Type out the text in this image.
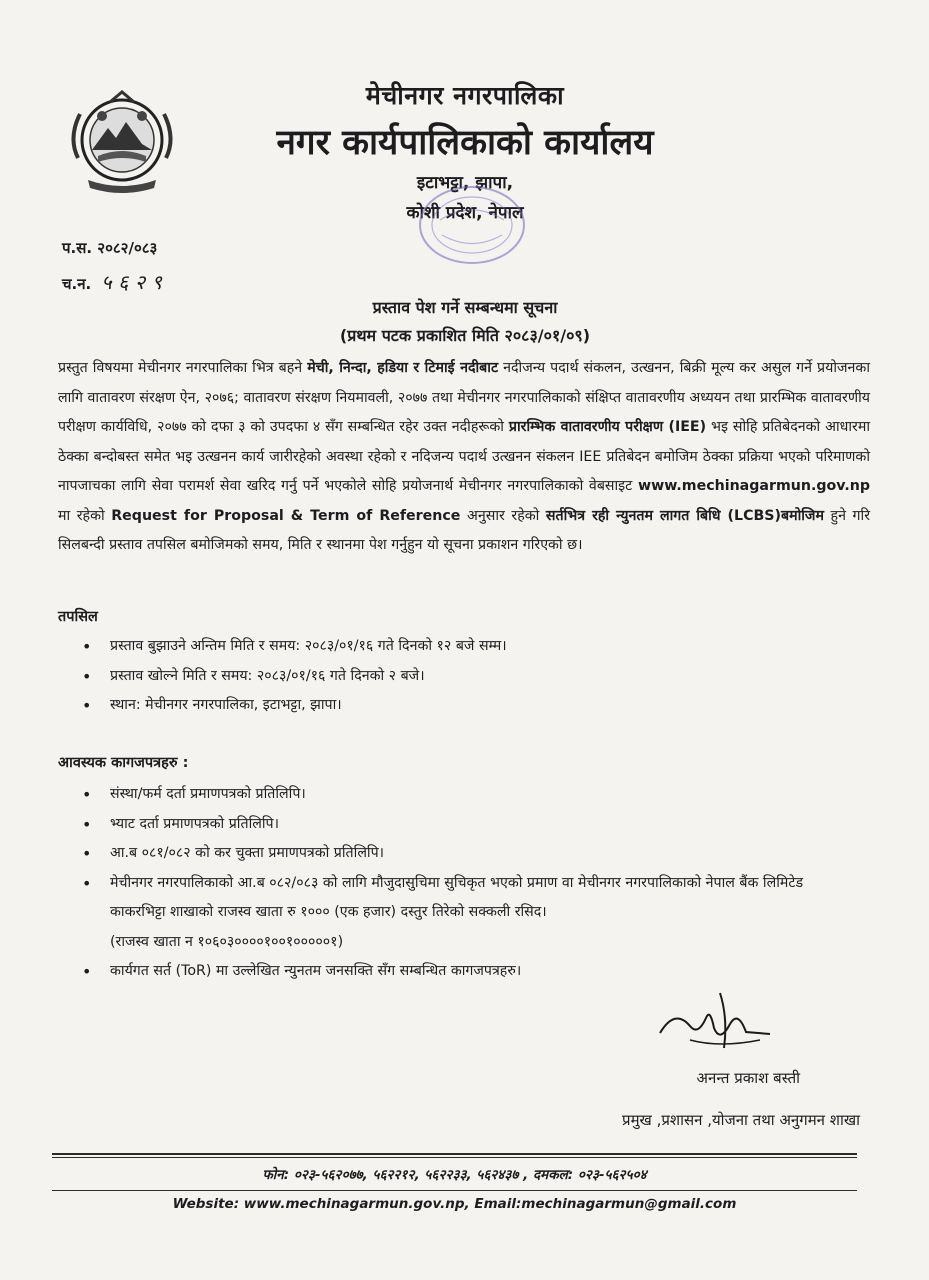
मेचीनगर नगरपालिका
नगर कार्यपालिकाको कार्यालय
इटाभट्टा, झापा,
कोशी प्रदेश, नेपाल
प.स. २०८२/०८३
च.न. ५ ६ २ ९
प्रस्ताव पेश गर्ने सम्बन्धमा सूचना
(प्रथम पटक प्रकाशित मिति २०८३/०१/०९)
प्रस्तुत विषयमा मेचीनगर नगरपालिका भित्र बहने मेची, निन्दा, हडिया र टिमाई नदीबाट नदीजन्य पदार्थ संकलन, उत्खनन, बिक्री मूल्य कर असुल गर्ने प्रयोजनका लागि वातावरण संरक्षण ऐन, २०७६; वातावरण संरक्षण नियमावली, २०७७ तथा मेचीनगर नगरपालिकाको संक्षिप्त वातावरणीय अध्ययन तथा प्रारम्भिक वातावरणीय परीक्षण कार्यविधि, २०७७ को दफा ३ को उपदफा ४ सँग सम्बन्धित रहेर उक्त नदीहरूको प्रारम्भिक वातावरणीय परीक्षण (IEE) भइ सोहि प्रतिबेदनको आधारमा ठेक्का बन्दोबस्त समेत भइ उत्खनन कार्य जारीरहेको अवस्था रहेको र नदिजन्य पदार्थ उत्खनन संकलन IEE प्रतिबेदन बमोजिम ठेक्का प्रक्रिया भएको परिमाणको नापजाचका लागि सेवा परामर्श सेवा खरिद गर्नु पर्ने भएकोले सोहि प्रयोजनार्थ मेचीनगर नगरपालिकाको वेबसाइट www.mechinagarmun.gov.np मा रहेको Request for Proposal & Term of Reference अनुसार रहेको सर्तभित्र रही न्युनतम लागत बिधि (LCBS)बमोजिम हुने गरि सिलबन्दी प्रस्ताव तपसिल बमोजिमको समय, मिति र स्थानमा पेश गर्नुहुन यो सूचना प्रकाशन गरिएको छ।
तपसिल
• प्रस्ताव बुझाउने अन्तिम मिति र समय: २०८३/०१/१६ गते दिनको १२ बजे सम्म।
• प्रस्ताव खोल्ने मिति र समय: २०८३/०१/१६ गते दिनको २ बजे।
• स्थान: मेचीनगर नगरपालिका, इटाभट्टा, झापा।
आवस्यक कागजपत्रहरु :
• संस्था/फर्म दर्ता प्रमाणपत्रको प्रतिलिपि।
• भ्याट दर्ता प्रमाणपत्रको प्रतिलिपि।
• आ.ब ०८१/०८२ को कर चुक्ता प्रमाणपत्रको प्रतिलिपि।
• मेचीनगर नगरपालिकाको आ.ब ०८२/०८३ को लागि मौजुदासुचिमा सुचिकृत भएको प्रमाण वा मेचीनगर नगरपालिकाको नेपाल बैंक लिमिटेड काकरभिट्टा शाखाको राजस्व खाता रु १००० (एक हजार) दस्तुर तिरेको सक्कली रसिद।
(राजस्व खाता न १०६०३००००१००१०००००१)
• कार्यगत सर्त (ToR) मा उल्लेखित न्युनतम जनसक्ति सँग सम्बन्धित कागजपत्रहरु।
अनन्त प्रकाश बस्ती
प्रमुख ,प्रशासन ,योजना तथा अनुगमन शाखा
फोन: ०२३-५६२०७७, ५६२२१२, ५६२२३३, ५६२४३७ , दमकल: ०२३-५६२५०४
Website: www.mechinagarmun.gov.np, Email:mechinagarmun@gmail.com
